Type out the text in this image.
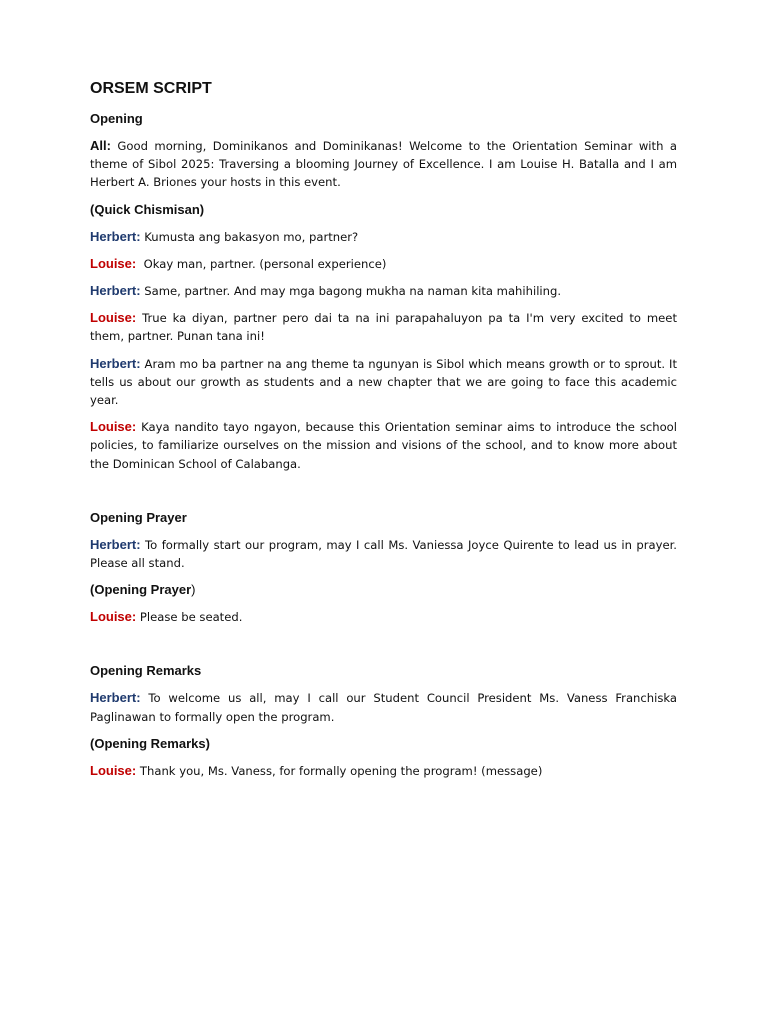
ORSEM SCRIPT
Opening

All: Good morning, Dominikanos and Dominikanas! Welcome to the Orientation Seminar with a theme of Sibol 2025: Traversing a blooming Journey of Excellence. I am Louise H. Batalla and I am Herbert A. Briones your hosts in this event.

(Quick Chismisan)

Herbert: Kumusta ang bakasyon mo, partner?

Louise:  Okay man, partner. (personal experience)

Herbert: Same, partner. And may mga bagong mukha na naman kita mahihiling.

Louise: True ka diyan, partner pero dai ta na ini parapahaluyon pa ta I'm very excited to meet them, partner. Punan tana ini!

Herbert: Aram mo ba partner na ang theme ta ngunyan is Sibol which means growth or to sprout. It tells us about our growth as students and a new chapter that we are going to face this academic year.

Louise: Kaya nandito tayo ngayon, because this Orientation seminar aims to introduce the school policies, to familiarize ourselves on the mission and visions of the school, and to know more about the Dominican School of Calabanga.

Opening Prayer

Herbert: To formally start our program, may I call Ms. Vaniessa Joyce Quirente to lead us in prayer. Please all stand.

(Opening Prayer)

Louise: Please be seated.

Opening Remarks

Herbert: To welcome us all, may I call our Student Council President Ms. Vaness Franchiska Paglinawan to formally open the program.

(Opening Remarks)

Louise: Thank you, Ms. Vaness, for formally opening the program! (message)
